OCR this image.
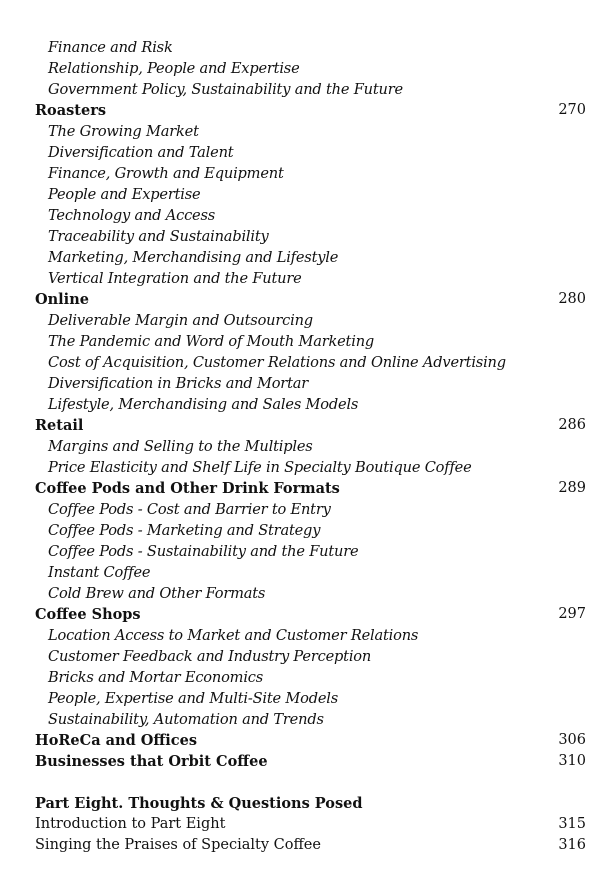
Finance and Risk
Relationship, People and Expertise
Government Policy, Sustainability and the Future
Roasters	270
The Growing Market
Diversification and Talent
Finance, Growth and Equipment
People and Expertise
Technology and Access
Traceability and Sustainability
Marketing, Merchandising and Lifestyle
Vertical Integration and the Future
Online	280
Deliverable Margin and Outsourcing
The Pandemic and Word of Mouth Marketing
Cost of Acquisition, Customer Relations and Online Advertising
Diversification in Bricks and Mortar
Lifestyle, Merchandising and Sales Models
Retail	286
Margins and Selling to the Multiples
Price Elasticity and Shelf Life in Specialty Boutique Coffee
Coffee Pods and Other Drink Formats	289
Coffee Pods - Cost and Barrier to Entry
Coffee Pods - Marketing and Strategy
Coffee Pods - Sustainability and the Future
Instant Coffee
Cold Brew and Other Formats
Coffee Shops	297
Location Access to Market and Customer Relations
Customer Feedback and Industry Perception
Bricks and Mortar Economics
People, Expertise and Multi-Site Models
Sustainability, Automation and Trends
HoReCa and Offices	306
Businesses that Orbit Coffee	310
Part Eight. Thoughts & Questions Posed
Introduction to Part Eight	315
Singing the Praises of Specialty Coffee	316
